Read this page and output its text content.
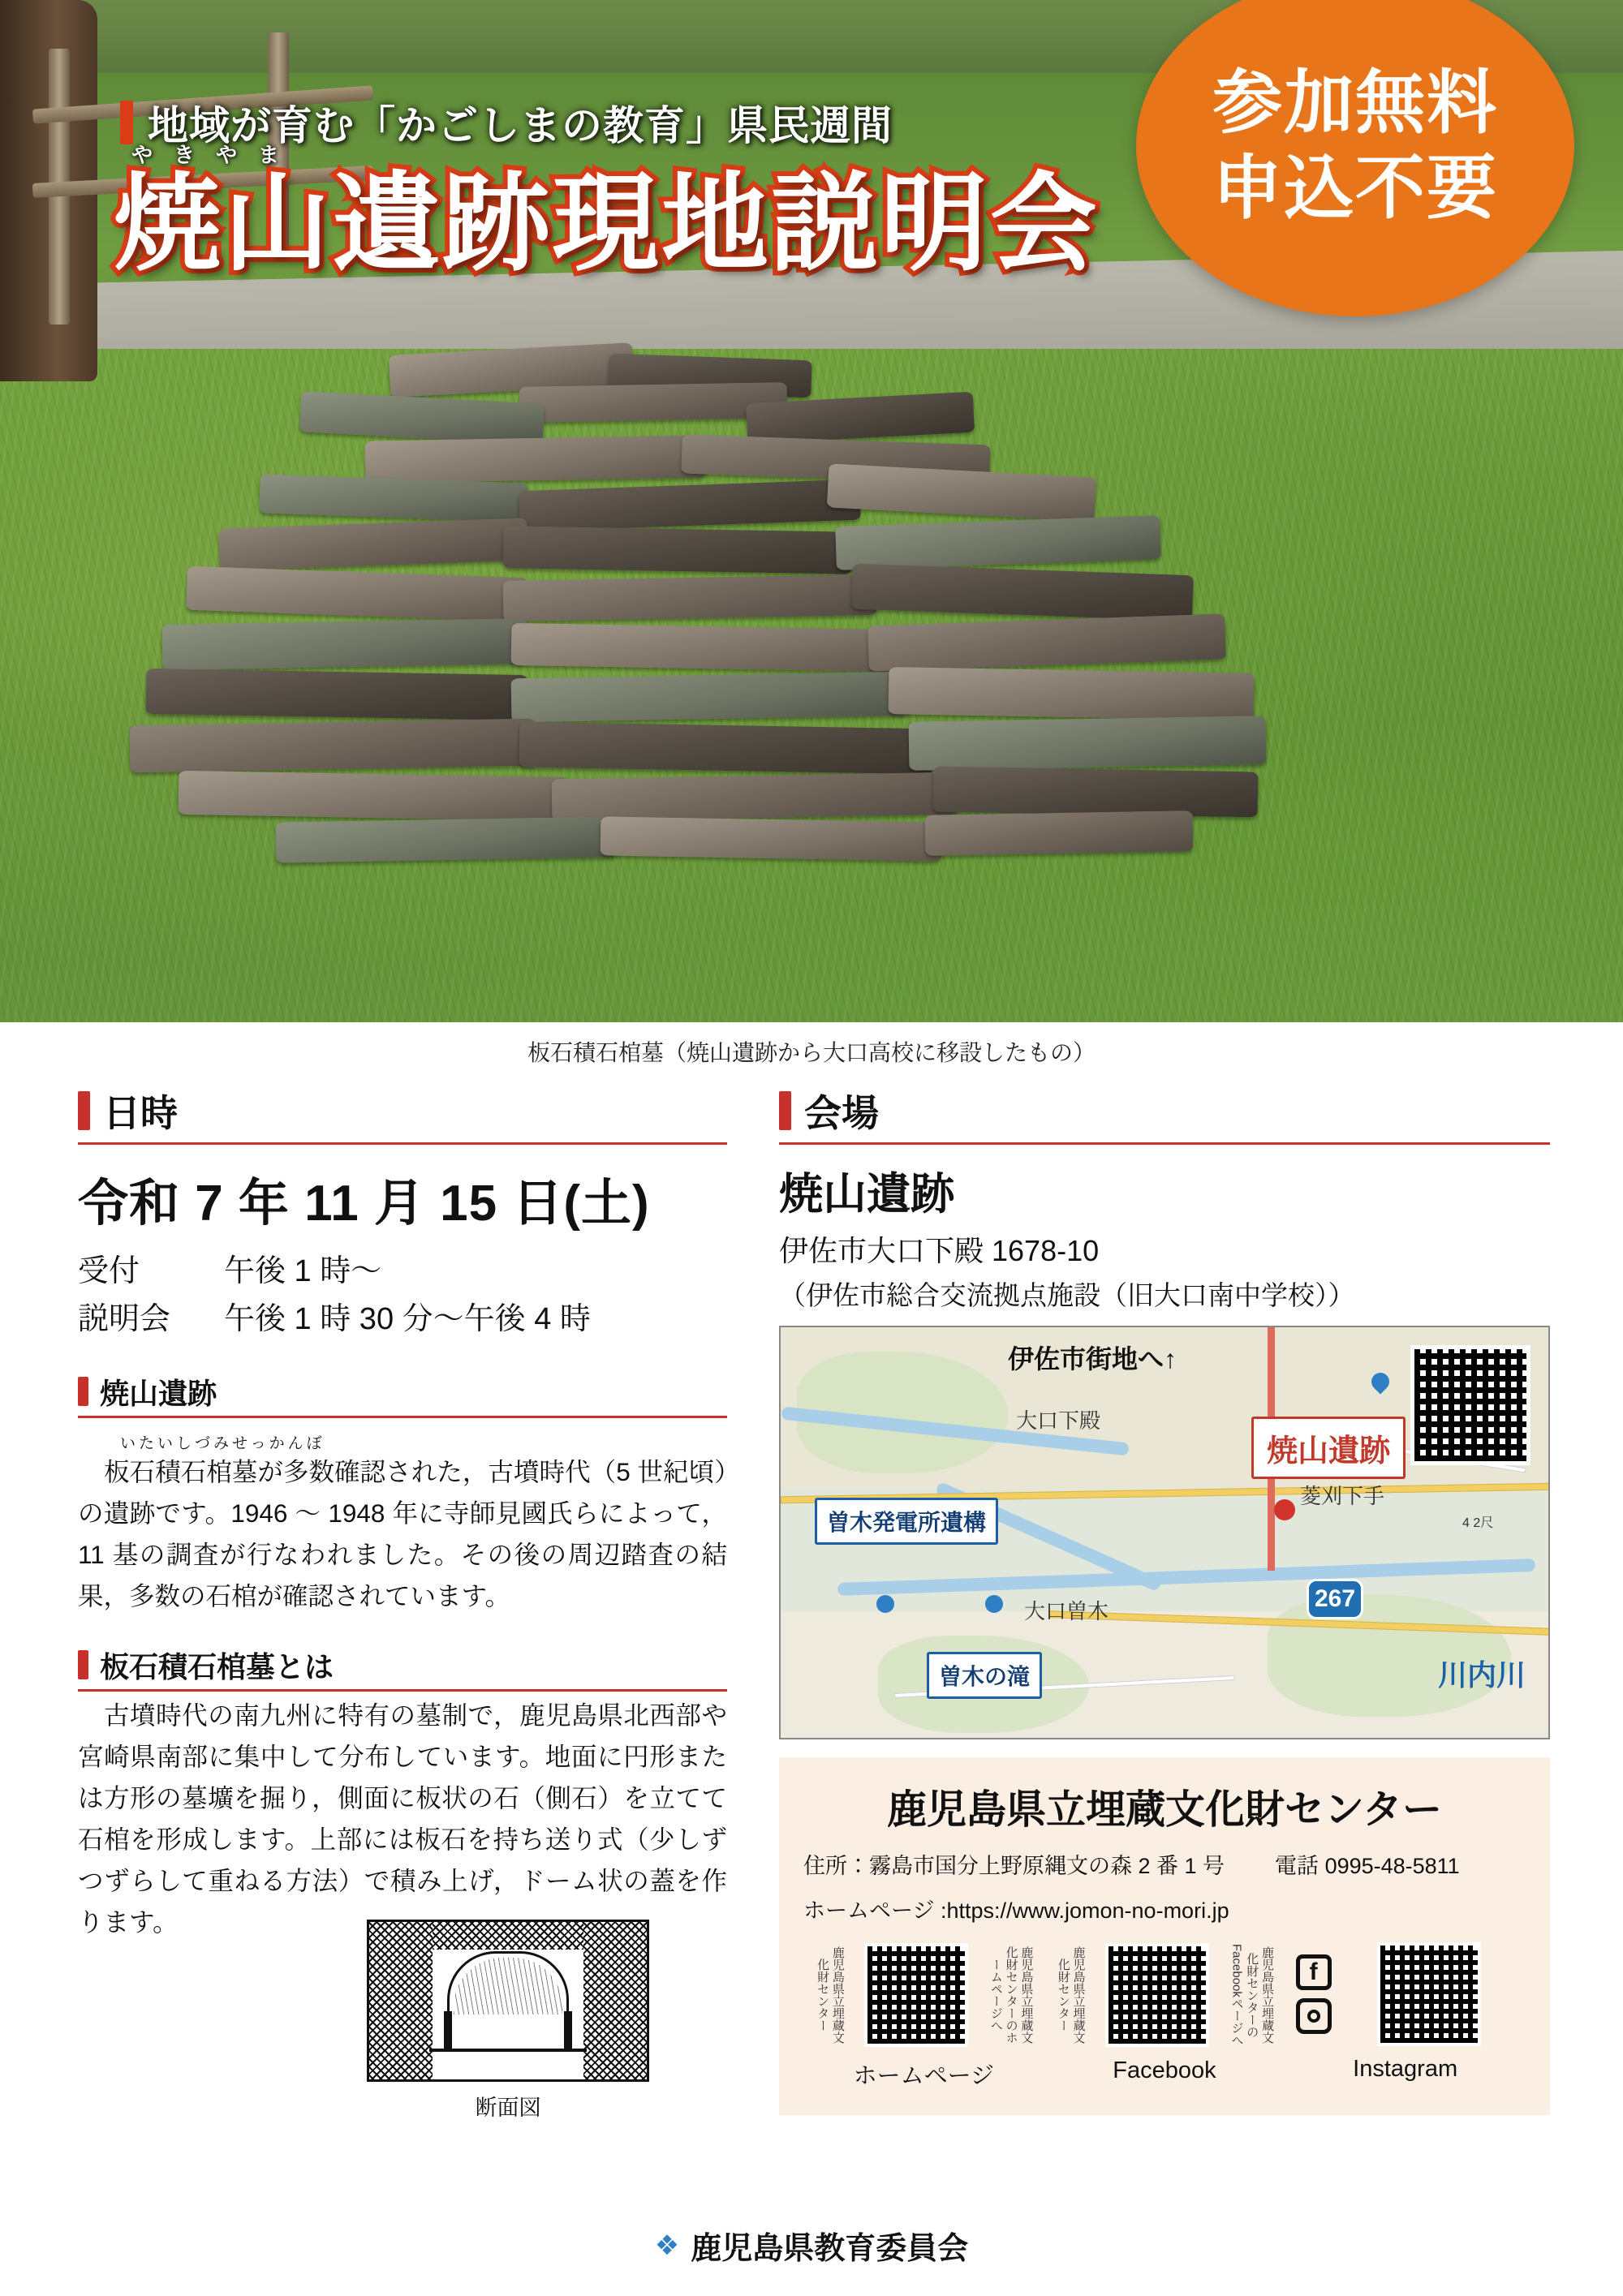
地域が育む「かごしまの教育」県民週間
やきやま
焼山遺跡現地説明会
参加無料
申込不要
板石積石棺墓（焼山遺跡から大口高校に移設したもの）
日時
令和 7 年 11 月 15 日(土)
受付	午後 1 時～
説明会 午後 1 時 30 分～午後 4 時
焼山遺跡
いたいしづみせっかんぼ
板石積石棺墓が多数確認された，古墳時代（5 世紀頃）の遺跡です。1946 ～ 1948 年に寺師見國氏らによって，11 基の調査が行なわれました。その後の周辺踏査の結果，多数の石棺が確認されています。
板石積石棺墓とは
古墳時代の南九州に特有の墓制で，鹿児島県北西部や宮崎県南部に集中して分布しています。地面に円形または方形の墓壙を掘り，側面に板状の石（側石）を立てて石棺を形成します。上部には板石を持ち送り式（少しずつずらして重ねる方法）で積み上げ，ドーム状の蓋を作ります。
断面図
会場
焼山遺跡
伊佐市大口下殿 1678-10
（伊佐市総合交流拠点施設（旧大口南中学校））
伊佐市街地へ↑
大口下殿
菱刈下手
大口曽木
4 2尺
焼山遺跡
曽木発電所遺構
曽木の滝
267
川内川
鹿児島県立埋蔵文化財センター
住所：霧島市国分上野原縄文の森 2 番 1 号 電話 0995-48-5811
ホームページ :https://www.jomon-no-mori.jp
鹿児島県立埋蔵文化財センター	鹿児島県立埋蔵文化財センターのホームページへ
ホームページ
鹿児島県立埋蔵文化財センター	鹿児島県立埋蔵文化財センターのFacebookページへ
Facebook
f
Instagram
❖ 鹿児島県教育委員会
